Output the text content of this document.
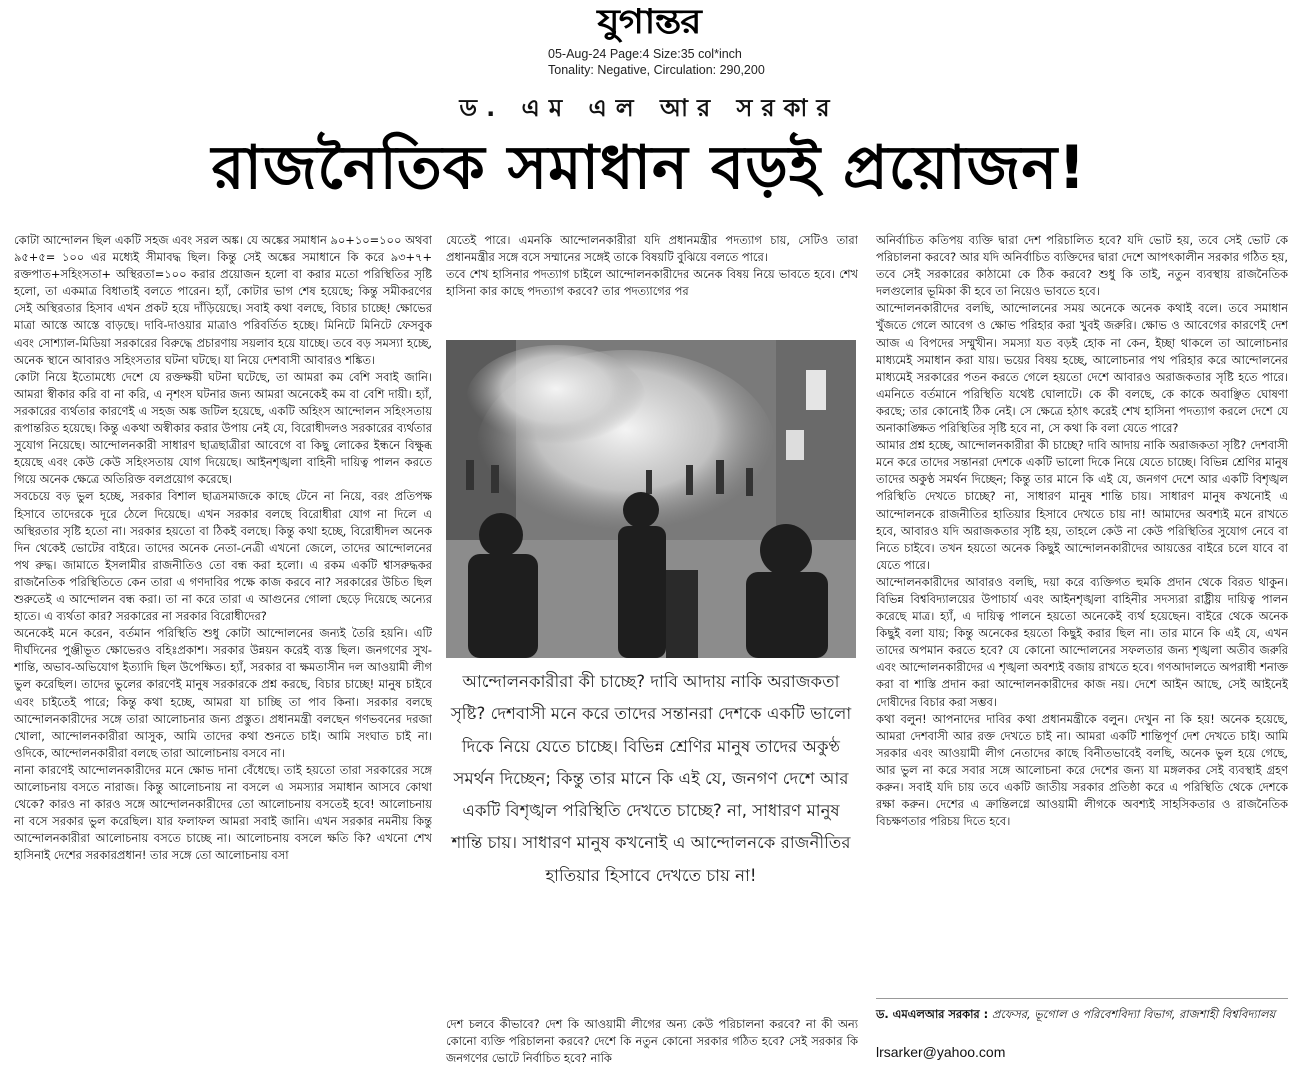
যুগান্তর
05-Aug-24 Page:4 Size:35 col*inch
Tonality: Negative, Circulation: 290,200
ড. এম এল আর সরকার
রাজনৈতিক সমাধান বড়ই প্রয়োজন!

কোটা আন্দোলন ছিল একটি সহজ এবং সরল অঙ্ক। যে অঙ্কের সমাধান ৯০+১০=১০০ অথবা ৯৫+৫= ১০০ এর মধ্যেই সীমাবদ্ধ ছিল। কিন্তু সেই অঙ্কের সমাধানে কি করে ৯৩+৭+ রক্তপাত+সহিংসতা+ অস্থিরতা=১০০ করার প্রয়োজন হলো বা করার মতো পরিস্থিতির সৃষ্টি হলো, তা একমাত্র বিধাতাই বলতে পারেন। হ্যাঁ, কোটার ভাগ শেষ হয়েছে; কিন্তু সমীকরণের সেই অস্থিরতার হিসাব এখন প্রকট হয়ে দাঁড়িয়েছে। সবাই কথা বলছে, বিচার চাচ্ছে! ক্ষোভের মাত্রা আস্তে আস্তে বাড়ছে। দাবি-দাওয়ার মাত্রাও পরিবর্তিত হচ্ছে। মিনিটে মিনিটে ফেসবুক এবং সোশ্যাল-মিডিয়া সরকারের বিরুদ্ধে প্রচারণায় সয়লাব হয়ে যাচ্ছে। তবে বড় সমস্যা হচ্ছে, অনেক স্থানে আবারও সহিংসতার ঘটনা ঘটছে। যা নিয়ে দেশবাসী আবারও শঙ্কিত।

কোটা নিয়ে ইতোমধ্যে দেশে যে রক্তক্ষয়ী ঘটনা ঘটেছে, তা আমরা কম বেশি সবাই জানি। আমরা স্বীকার করি বা না করি, এ নৃশংস ঘটনার জন্য আমরা অনেকেই কম বা বেশি দায়ী। হ্যাঁ, সরকারের ব্যর্থতার কারণেই এ সহজ অঙ্ক জটিল হয়েছে, একটি অহিংস আন্দোলন সহিংসতায় রূপান্তরিত হয়েছে। কিন্তু একথা অস্বীকার করার উপায় নেই যে, বিরোধীদলও সরকারের ব্যর্থতার সুযোগ নিয়েছে। আন্দোলনকারী সাধারণ ছাত্রছাত্রীরা আবেগে বা কিছু লোকের ইন্ধনে বিক্ষুব্ধ হয়েছে এবং কেউ কেউ সহিংসতায় যোগ দিয়েছে। আইনশৃঙ্খলা বাহিনী দায়িত্ব পালন করতে গিয়ে অনেক ক্ষেত্রে অতিরিক্ত বলপ্রয়োগ করেছে।

সবচেয়ে বড় ভুল হচ্ছে, সরকার বিশাল ছাত্রসমাজকে কাছে টেনে না নিয়ে, বরং প্রতিপক্ষ হিসাবে তাদেরকে দূরে ঠেলে দিয়েছে। এখন সরকার বলছে বিরোধীরা যোগ না দিলে এ অস্থিরতার সৃষ্টি হতো না। সরকার হয়তো বা ঠিকই বলছে। কিন্তু কথা হচ্ছে, বিরোধীদল অনেক দিন থেকেই ভোটের বাইরে। তাদের অনেক নেতা-নেত্রী এখনো জেলে, তাদের আন্দোলনের পথ রুদ্ধ। জামাতে ইসলামীর রাজনীতিও তো বন্ধ করা হলো। এ রকম একটি শ্বাসরুদ্ধকর রাজনৈতিক পরিস্থিতিতে কেন তারা এ গণদাবির পক্ষে কাজ করবে না? সরকারের উচিত ছিল শুরুতেই এ আন্দোলন বন্ধ করা। তা না করে তারা এ আগুনের গোলা ছেড়ে দিয়েছে অন্যের হাতে। এ ব্যর্থতা কার? সরকারের না সরকার বিরোধীদের?

অনেকেই মনে করেন, বর্তমান পরিস্থিতি শুধু কোটা আন্দোলনের জন্যই তৈরি হয়নি। এটি দীর্ঘদিনের পুঞ্জীভূত ক্ষোভেরও বহিঃপ্রকাশ। সরকার উন্নয়ন করেই ব্যস্ত ছিল। জনগণের সুখ-শান্তি, অভাব-অভিযোগ ইত্যাদি ছিল উপেক্ষিত। হ্যাঁ, সরকার বা ক্ষমতাসীন দল আওয়ামী লীগ ভুল করেছিল। তাদের ভুলের কারণেই মানুষ সরকারকে প্রশ্ন করছে, বিচার চাচ্ছে! মানুষ চাইবে এবং চাইতেই পারে; কিন্তু কথা হচ্ছে, আমরা যা চাচ্ছি তা পাব কিনা। সরকার বলছে আন্দোলনকারীদের সঙ্গে তারা আলোচনার জন্য প্রস্তুত। প্রধানমন্ত্রী বলছেন গণভবনের দরজা খোলা, আন্দোলনকারীরা আসুক, আমি তাদের কথা শুনতে চাই। আমি সংঘাত চাই না। ওদিকে, আন্দোলনকারীরা বলছে তারা আলোচনায় বসবে না।

নানা কারণেই আন্দোলনকারীদের মনে ক্ষোভ দানা বেঁধেছে। তাই হয়তো তারা সরকারের সঙ্গে আলোচনায় বসতে নারাজ। কিন্তু আলোচনায় না বসলে এ সমস্যার সমাধান আসবে কোথা থেকে? কারও না কারও সঙ্গে আন্দোলনকারীদের তো আলোচনায় বসতেই হবে! আলোচনায় না বসে সরকার ভুল করেছিল। যার ফলাফল আমরা সবাই জানি। এখন সরকার নমনীয় কিন্তু আন্দোলনকারীরা আলোচনায় বসতে চাচ্ছে না। আলোচনায় বসলে ক্ষতি কি? এখনো শেখ হাসিনাই দেশের সরকারপ্রধান! তার সঙ্গে তো আলোচনায় বসা

যেতেই পারে। এমনকি আন্দোলনকারীরা যদি প্রধানমন্ত্রীর পদত্যাগ চায়, সেটিও তারা প্রধানমন্ত্রীর সঙ্গে বসে সম্মানের সঙ্গেই তাকে বিষয়টি বুঝিয়ে বলতে পারে।

তবে শেখ হাসিনার পদত্যাগ চাইলে আন্দোলনকারীদের অনেক বিষয় নিয়ে ভাবতে হবে। শেখ হাসিনা কার কাছে পদত্যাগ করবে? তার পদত্যাগের পর

আন্দোলনকারীরা কী চাচ্ছে? দাবি আদায় নাকি অরাজকতা সৃষ্টি? দেশবাসী মনে করে তাদের সন্তানরা দেশকে একটি ভালো দিকে নিয়ে যেতে চাচ্ছে। বিভিন্ন শ্রেণির মানুষ তাদের অকুণ্ঠ সমর্থন দিচ্ছেন; কিন্তু তার মানে কি এই যে, জনগণ দেশে আর একটি বিশৃঙ্খল পরিস্থিতি দেখতে চাচ্ছে? না, সাধারণ মানুষ শান্তি চায়। সাধারণ মানুষ কখনোই এ আন্দোলনকে রাজনীতির হাতিয়ার হিসাবে দেখতে চায় না!

দেশ চলবে কীভাবে? দেশ কি আওয়ামী লীগের অন্য কেউ পরিচালনা করবে? না কী অন্য কোনো ব্যক্তি পরিচালনা করবে? দেশে কি নতুন কোনো সরকার গঠিত হবে? সেই সরকার কি জনগণের ভোটে নির্বাচিত হবে? নাকি

অনির্বাচিত কতিপয় ব্যক্তি দ্বারা দেশ পরিচালিত হবে? যদি ভোট হয়, তবে সেই ভোট কে পরিচালনা করবে? আর যদি অনির্বাচিত ব্যক্তিদের দ্বারা দেশে আপৎকালীন সরকার গঠিত হয়, তবে সেই সরকারের কাঠামো কে ঠিক করবে? শুধু কি তাই, নতুন ব্যবস্থায় রাজনৈতিক দলগুলোর ভূমিকা কী হবে তা নিয়েও ভাবতে হবে।

আন্দোলনকারীদের বলছি, আন্দোলনের সময় অনেকে অনেক কথাই বলে। তবে সমাধান খুঁজতে গেলে আবেগ ও ক্ষোভ পরিহার করা খুবই জরুরি। ক্ষোভ ও আবেগের কারণেই দেশ আজ এ বিপদের সম্মুখীন। সমস্যা যত বড়ই হোক না কেন, ইচ্ছা থাকলে তা আলোচনার মাধ্যমেই সমাধান করা যায়। ভয়ের বিষয় হচ্ছে, আলোচনার পথ পরিহার করে আন্দোলনের মাধ্যমেই সরকারের পতন করতে গেলে হয়তো দেশে আবারও অরাজকতার সৃষ্টি হতে পারে। এমনিতে বর্তমানে পরিস্থিতি যথেষ্ট ঘোলাটে। কে কী বলছে, কে কাকে অবাঞ্ছিত ঘোষণা করছে; তার কোনোই ঠিক নেই। সে ক্ষেত্রে হঠাৎ করেই শেখ হাসিনা পদত্যাগ করলে দেশে যে অনাকাঙ্ক্ষিত পরিস্থিতির সৃষ্টি হবে না, সে কথা কি বলা যেতে পারে?

আমার প্রশ্ন হচ্ছে, আন্দোলনকারীরা কী চাচ্ছে? দাবি আদায় নাকি অরাজকতা সৃষ্টি? দেশবাসী মনে করে তাদের সন্তানরা দেশকে একটি ভালো দিকে নিয়ে যেতে চাচ্ছে। বিভিন্ন শ্রেণির মানুষ তাদের অকুণ্ঠ সমর্থন দিচ্ছেন; কিন্তু তার মানে কি এই যে, জনগণ দেশে আর একটি বিশৃঙ্খল পরিস্থিতি দেখতে চাচ্ছে? না, সাধারণ মানুষ শান্তি চায়। সাধারণ মানুষ কখনোই এ আন্দোলনকে রাজনীতির হাতিয়ার হিসাবে দেখতে চায় না! আমাদের অবশ্যই মনে রাখতে হবে, আবারও যদি অরাজকতার সৃষ্টি হয়, তাহলে কেউ না কেউ পরিস্থিতির সুযোগ নেবে বা নিতে চাইবে। তখন হয়তো অনেক কিছুই আন্দোলনকারীদের আয়ত্তের বাইরে চলে যাবে বা যেতে পারে।

আন্দোলনকারীদের আবারও বলছি, দয়া করে ব্যক্তিগত হুমকি প্রদান থেকে বিরত থাকুন। বিভিন্ন বিশ্ববিদ্যালয়ের উপাচার্য এবং আইনশৃঙ্খলা বাহিনীর সদস্যরা রাষ্ট্রীয় দায়িত্ব পালন করেছে মাত্র। হ্যাঁ, এ দায়িত্ব পালনে হয়তো অনেকেই ব্যর্থ হয়েছেন। বাইরে থেকে অনেক কিছুই বলা যায়; কিন্তু অনেকের হয়তো কিছুই করার ছিল না। তার মানে কি এই যে, এখন তাদের অপমান করতে হবে? যে কোনো আন্দোলনের সফলতার জন্য শৃঙ্খলা অতীব জরুরি এবং আন্দোলনকারীদের এ শৃঙ্খলা অবশ্যই বজায় রাখতে হবে। গণআদালতে অপরাধী শনাক্ত করা বা শাস্তি প্রদান করা আন্দোলনকারীদের কাজ নয়। দেশে আইন আছে, সেই আইনেই দোষীদের বিচার করা সম্ভব।

কথা বলুন! আপনাদের দাবির কথা প্রধানমন্ত্রীকে বলুন। দেখুন না কি হয়! অনেক হয়েছে, আমরা দেশবাসী আর রক্ত দেখতে চাই না। আমরা একটি শান্তিপূর্ণ দেশ দেখতে চাই। আমি সরকার এবং আওয়ামী লীগ নেতাদের কাছে বিনীতভাবেই বলছি, অনেক ভুল হয়ে গেছে, আর ভুল না করে সবার সঙ্গে আলোচনা করে দেশের জন্য যা মঙ্গলকর সেই ব্যবস্থাই গ্রহণ করুন। সবাই যদি চায় তবে একটি জাতীয় সরকার প্রতিষ্ঠা করে এ পরিস্থিতি থেকে দেশকে রক্ষা করুন। দেশের এ ক্রান্তিলগ্নে আওয়ামী লীগকে অবশ্যই সাহসিকতার ও রাজনৈতিক বিচক্ষণতার পরিচয় দিতে হবে।

ড. এমএলআর সরকার : প্রফেসর, ভূগোল ও পরিবেশবিদ্যা বিভাগ, রাজশাহী বিশ্ববিদ্যালয়
lrsarker@yahoo.com
